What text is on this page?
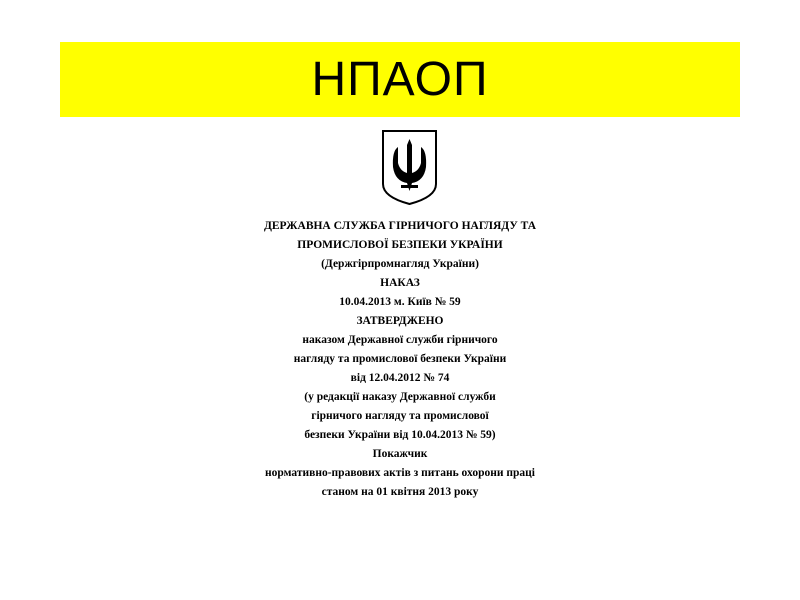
НПАОП
ДЕРЖАВНА СЛУЖБА ГІРНИЧОГО НАГЛЯДУ ТА
ПРОМИСЛОВОЇ БЕЗПЕКИ УКРАЇНИ
(Держгірпромнагляд України)
НАКАЗ
10.04.2013 м. Київ № 59
ЗАТВЕРДЖЕНО
наказом Державної служби гірничого
нагляду та промислової безпеки України
від 12.04.2012 № 74
(у редакції наказу Державної служби
гірничого нагляду та промислової
безпеки України від 10.04.2013 № 59)
Покажчик
нормативно-правових актів з питань охорони праці
станом на 01 квітня 2013 року
